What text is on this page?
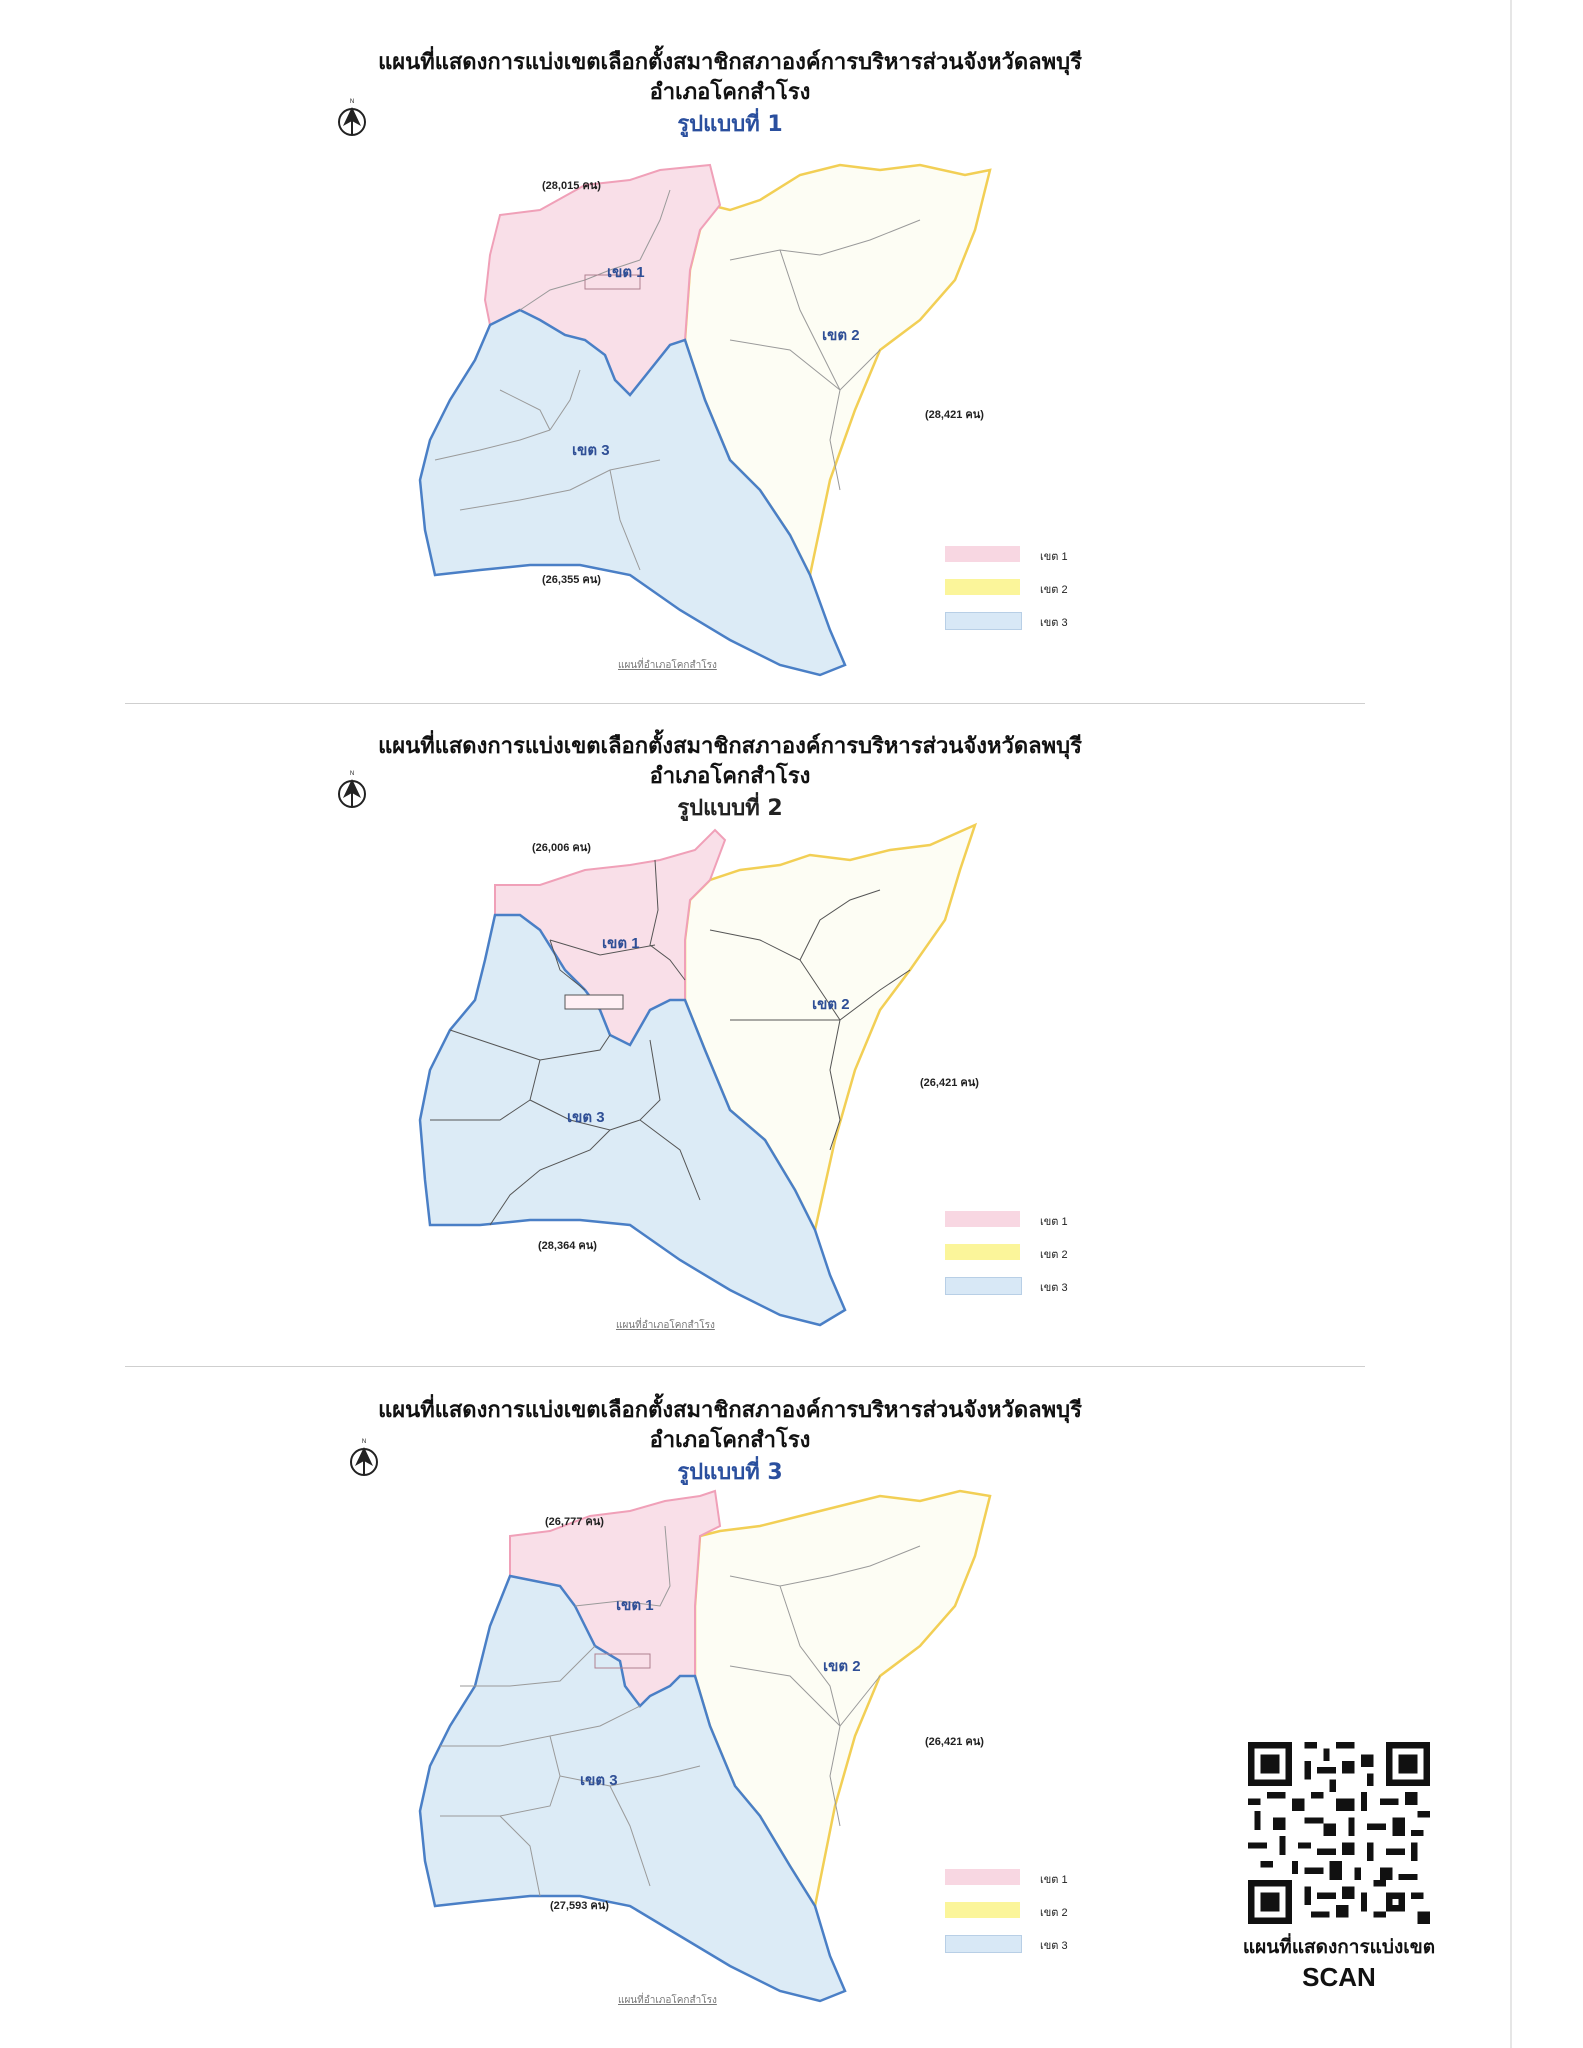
แผนที่แสดงการแบ่งเขตเลือกตั้งสมาชิกสภาองค์การบริหารส่วนจังหวัดลพบุรี
อำเภอโคกสำโรง
รูปแบบที่ 1
N
(28,015 คน)
(28,421 คน)
(26,355 คน)
เขต 1
เขต 2
เขต 3
แผนที่อำเภอโคกสำโรง
เขต 1
เขต 2
เขต 3
แผนที่แสดงการแบ่งเขตเลือกตั้งสมาชิกสภาองค์การบริหารส่วนจังหวัดลพบุรี
อำเภอโคกสำโรง
รูปแบบที่ 2
N
(26,006 คน)
(26,421 คน)
(28,364 คน)
เขต 1
เขต 2
เขต 3
แผนที่อำเภอโคกสำโรง
เขต 1
เขต 2
เขต 3
แผนที่แสดงการแบ่งเขตเลือกตั้งสมาชิกสภาองค์การบริหารส่วนจังหวัดลพบุรี
อำเภอโคกสำโรง
รูปแบบที่ 3
N
(26,777 คน)
(26,421 คน)
(27,593 คน)
เขต 1
เขต 2
เขต 3
แผนที่อำเภอโคกสำโรง
เขต 1
เขต 2
เขต 3	แผนที่แสดงการแบ่งเขต
SCAN
